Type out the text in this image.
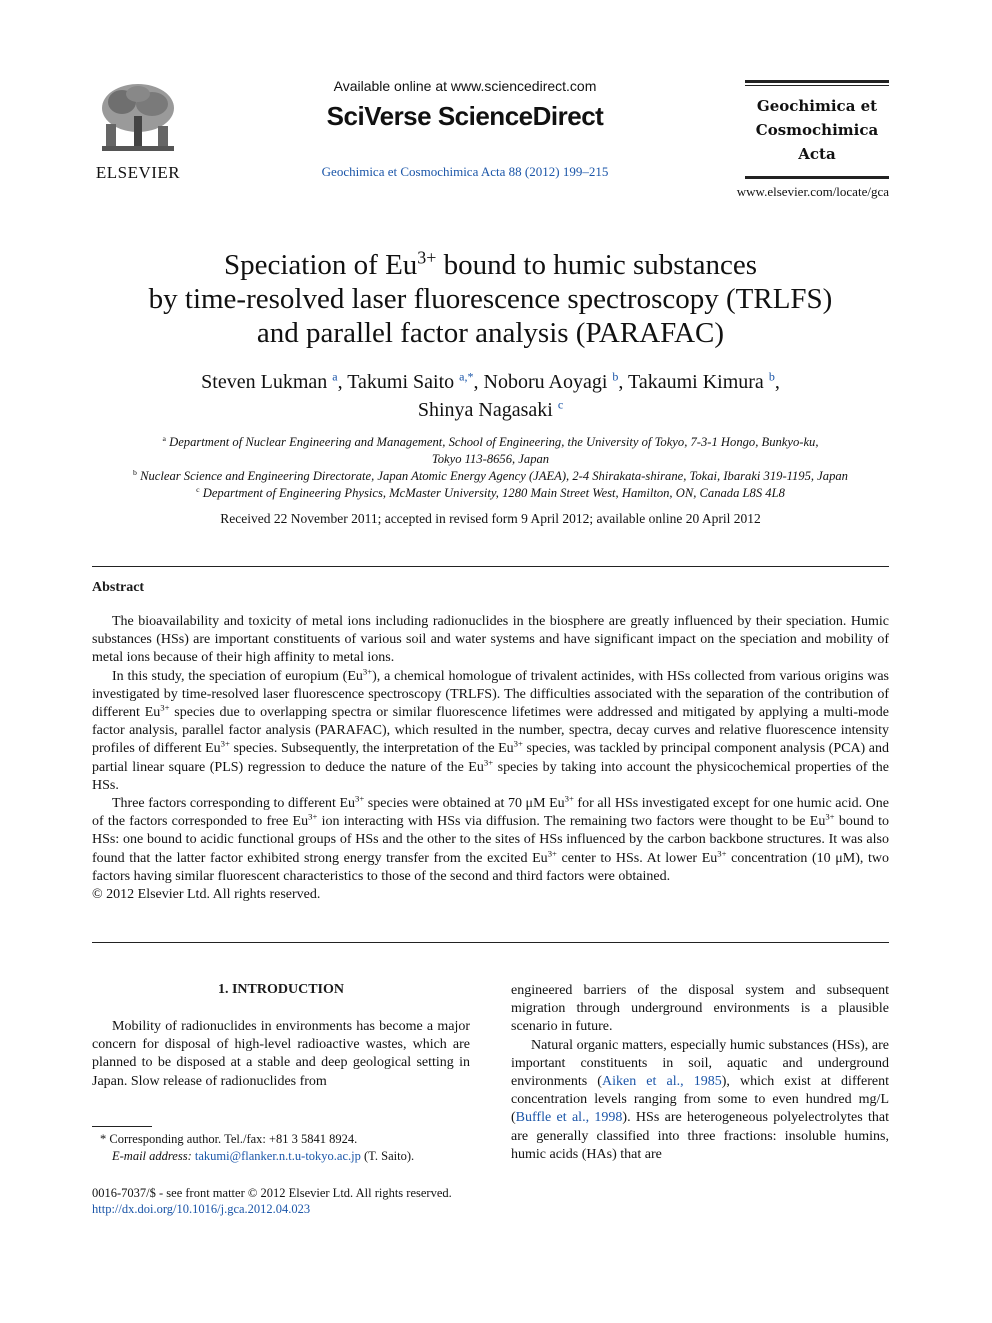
ELSEVIER
Available online at www.sciencedirect.com
SciVerse ScienceDirect
Geochimica et Cosmochimica Acta 88 (2012) 199–215
Geochimica et
Cosmochimica
Acta
www.elsevier.com/locate/gca
Speciation of $Eu^{3+}$ bound to humic substances
by time-resolved laser fluorescence spectroscopy (TRLFS)
and parallel factor analysis (PARAFAC)
Steven Lukman $^a$, Takumi Saito $^{a,*}$, Noboru Aoyagi $^b$, Takaumi Kimura $^b$,
Shinya Nagasaki $^c$
$^a$ Department of Nuclear Engineering and Management, School of Engineering, the University of Tokyo, 7-3-1 Hongo, Bunkyo-ku,
Tokyo 113-8656, Japan
$^b$ Nuclear Science and Engineering Directorate, Japan Atomic Energy Agency (JAEA), 2-4 Shirakata-shirane, Tokai, Ibaraki 319-1195, Japan
$^c$ Department of Engineering Physics, McMaster University, 1280 Main Street West, Hamilton, ON, Canada L8S 4L8
Received 22 November 2011; accepted in revised form 9 April 2012; available online 20 April 2012
Abstract

The bioavailability and toxicity of metal ions including radionuclides in the biosphere are greatly influenced by their speciation. Humic substances (HSs) are important constituents of various soil and water systems and have significant impact on the speciation and mobility of metal ions because of their high affinity to metal ions.

In this study, the speciation of europium $(Eu^{3+})$, a chemical homologue of trivalent actinides, with HSs collected from various origins was investigated by time-resolved laser fluorescence spectroscopy (TRLFS). The difficulties associated with the separation of the contribution of different $Eu^{3+}$ species due to overlapping spectra or similar fluorescence lifetimes were addressed and mitigated by applying a multi-mode factor analysis, parallel factor analysis (PARAFAC), which resulted in the number, spectra, decay curves and relative fluorescence intensity profiles of different $Eu^{3+}$ species. Subsequently, the interpretation of the $Eu^{3+}$ species, was tackled by principal component analysis (PCA) and partial linear square (PLS) regression to deduce the nature of the $Eu^{3+}$ species by taking into account the physicochemical properties of the HSs.

Three factors corresponding to different $Eu^{3+}$ species were obtained at 70 μM $Eu^{3+}$ for all HSs investigated except for one humic acid. One of the factors corresponded to free $Eu^{3+}$ ion interacting with HSs via diffusion. The remaining two factors were thought to be $Eu^{3+}$ bound to HSs: one bound to acidic functional groups of HSs and the other to the sites of HSs influenced by the carbon backbone structures. It was also found that the latter factor exhibited strong energy transfer from the excited $Eu^{3+}$ center to HSs. At lower $Eu^{3+}$ concentration (10 μM), two factors having similar fluorescent characteristics to those of the second and third factors were obtained.

© 2012 Elsevier Ltd. All rights reserved.

1. INTRODUCTION

Mobility of radionuclides in environments has become a major concern for disposal of high-level radioactive wastes, which are planned to be disposed at a stable and deep geological setting in Japan. Slow release of radionuclides from

engineered barriers of the disposal system and subsequent migration through underground environments is a plausible scenario in future.

Natural organic matters, especially humic substances (HSs), are important constituents in soil, aquatic and underground environments (Aiken et al., 1985), which exist at different concentration levels ranging from some to even hundred mg/L (Buffle et al., 1998). HSs are heterogeneous polyelectrolytes that are generally classified into three fractions: insoluble humins, humic acids (HAs) that are

* Corresponding author. Tel./fax: +81 3 5841 8924.
E-mail address: takumi@flanker.n.t.u-tokyo.ac.jp (T. Saito).
0016-7037/$ - see front matter © 2012 Elsevier Ltd. All rights reserved.
http://dx.doi.org/10.1016/j.gca.2012.04.023
